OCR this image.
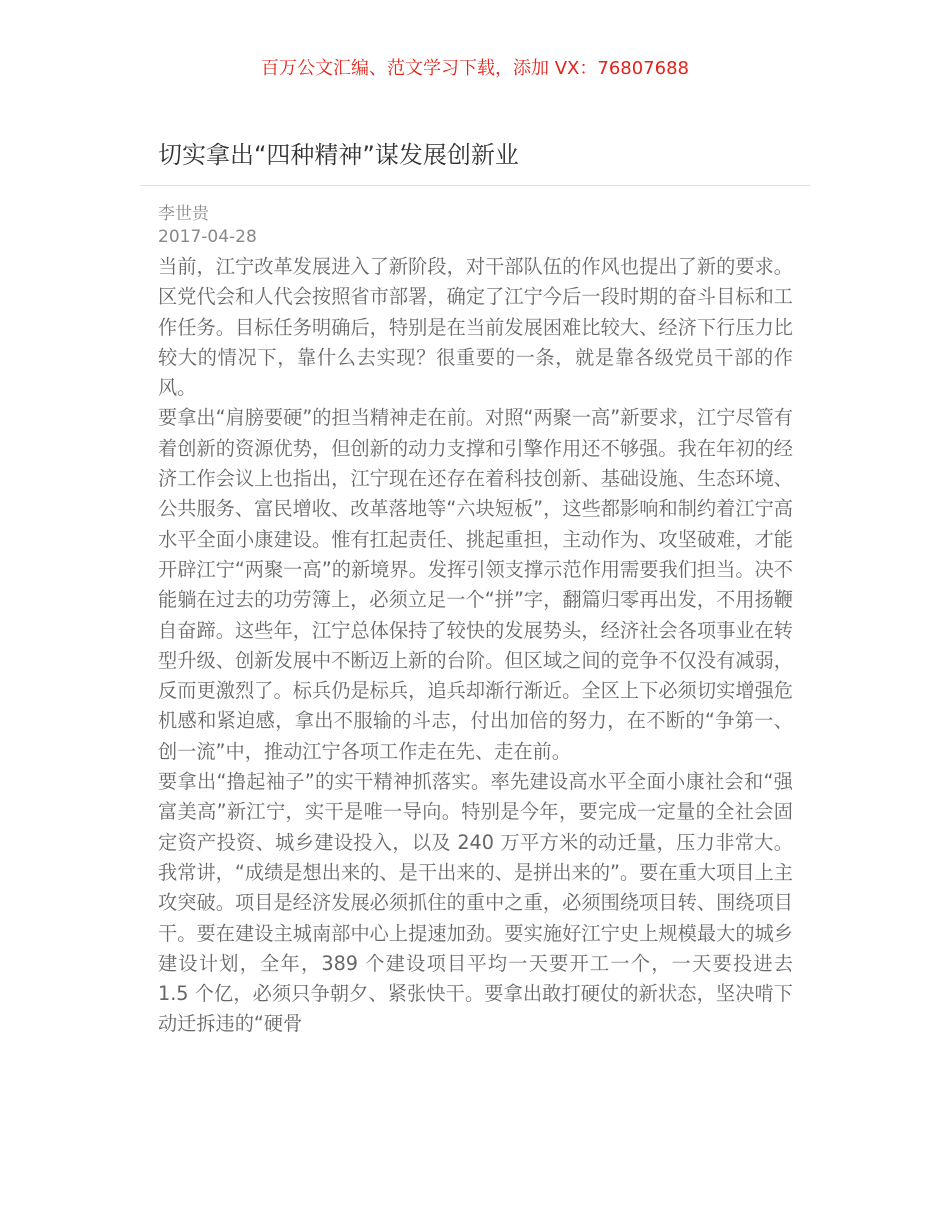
百万公文汇编、范文学习下载，添加 VX：76807688
切实拿出“四种精神”谋发展创新业
李世贵
2017-04-28

当前，江宁改革发展进入了新阶段，对干部队伍的作风也提出了新的要求。区党代会和人代会按照省市部署，确定了江宁今后一段时期的奋斗目标和工作任务。目标任务明确后，特别是在当前发展困难比较大、经济下行压力比较大的情况下，靠什么去实现？很重要的一条，就是靠各级党员干部的作风。

要拿出“肩膀要硬”的担当精神走在前。对照“两聚一高”新要求，江宁尽管有着创新的资源优势，但创新的动力支撑和引擎作用还不够强。我在年初的经济工作会议上也指出，江宁现在还存在着科技创新、基础设施、生态环境、公共服务、富民增收、改革落地等“六块短板”，这些都影响和制约着江宁高水平全面小康建设。惟有扛起责任、挑起重担，主动作为、攻坚破难，才能开辟江宁“两聚一高”的新境界。发挥引领支撑示范作用需要我们担当。决不能躺在过去的功劳簿上，必须立足一个“拼”字，翻篇归零再出发，不用扬鞭自奋蹄。这些年，江宁总体保持了较快的发展势头，经济社会各项事业在转型升级、创新发展中不断迈上新的台阶。但区域之间的竞争不仅没有减弱，反而更激烈了。标兵仍是标兵，追兵却渐行渐近。全区上下必须切实增强危机感和紧迫感，拿出不服输的斗志，付出加倍的努力，在不断的“争第一、创一流”中，推动江宁各项工作走在先、走在前。

要拿出“撸起袖子”的实干精神抓落实。率先建设高水平全面小康社会和“强富美高”新江宁，实干是唯一导向。特别是今年，要完成一定量的全社会固定资产投资、城乡建设投入，以及 240 万平方米的动迁量，压力非常大。我常讲，“成绩是想出来的、是干出来的、是拼出来的”。要在重大项目上主攻突破。项目是经济发展必须抓住的重中之重，必须围绕项目转、围绕项目干。要在建设主城南部中心上提速加劲。要实施好江宁史上规模最大的城乡建设计划，全年，389 个建设项目平均一天要开工一个，一天要投进去 1.5 个亿，必须只争朝夕、紧张快干。要拿出敢打硬仗的新状态，坚决啃下动迁拆违的“硬骨
